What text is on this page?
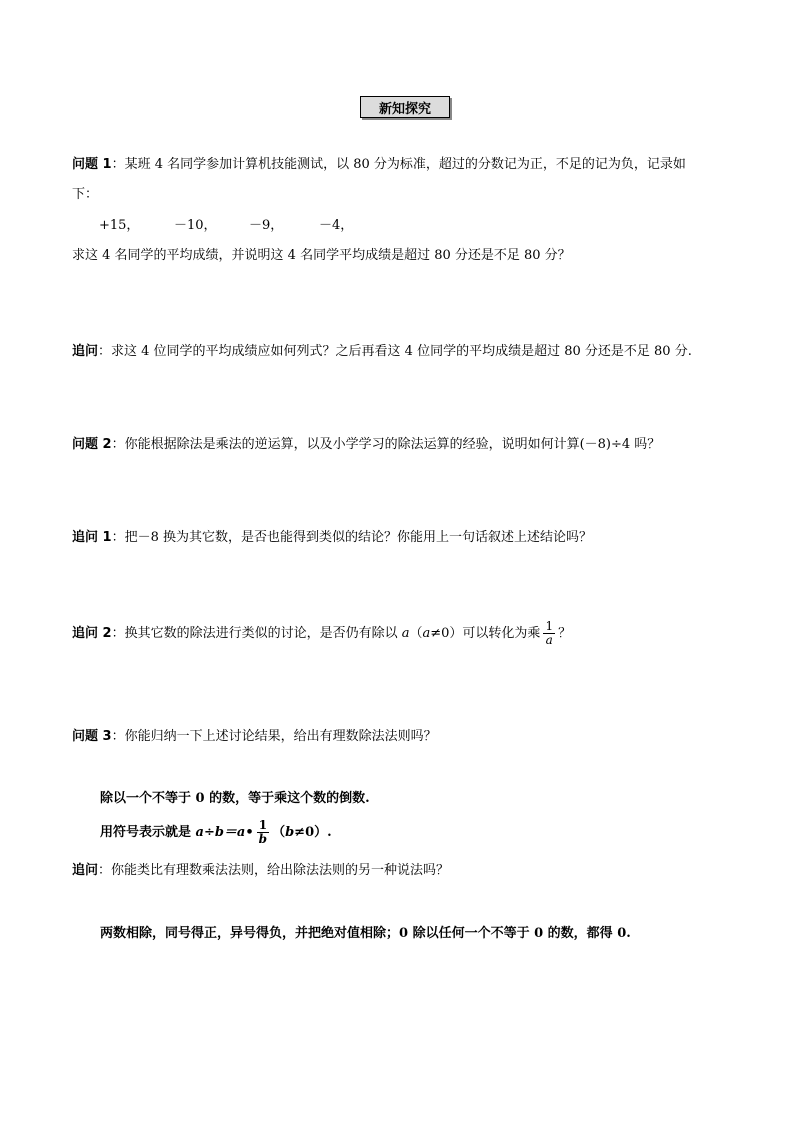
新知探究
问题 1：某班 4 名同学参加计算机技能测试，以 80 分为标准，超过的分数记为正，不足的记为负，记录如
下：
+15，	－10， －9，	－4，
求这 4 名同学的平均成绩，并说明这 4 名同学平均成绩是超过 80 分还是不足 80 分？
追问：求这 4 位同学的平均成绩应如何列式？之后再看这 4 位同学的平均成绩是超过 80 分还是不足 80 分.
问题 2：你能根据除法是乘法的逆运算，以及小学学习的除法运算的经验，说明如何计算(－8)÷4 吗？
追问 1：把－8 换为其它数，是否也能得到类似的结论？你能用上一句话叙述上述结论吗？
追问 2：换其它数的除法进行类似的讨论，是否仍有除以 a（a≠0）可以转化为乘 $\frac{1}{a}$ ？
问题 3：你能归纳一下上述讨论结果，给出有理数除法法则吗？
除以一个不等于 0 的数，等于乘这个数的倒数.
用符号表示就是 a÷b＝a• $\frac{1}{b} (b\ne 0)$.
追问：你能类比有理数乘法法则，给出除法法则的另一种说法吗？
两数相除，同号得正，异号得负，并把绝对值相除；0 除以任何一个不等于 0 的数，都得 0.
